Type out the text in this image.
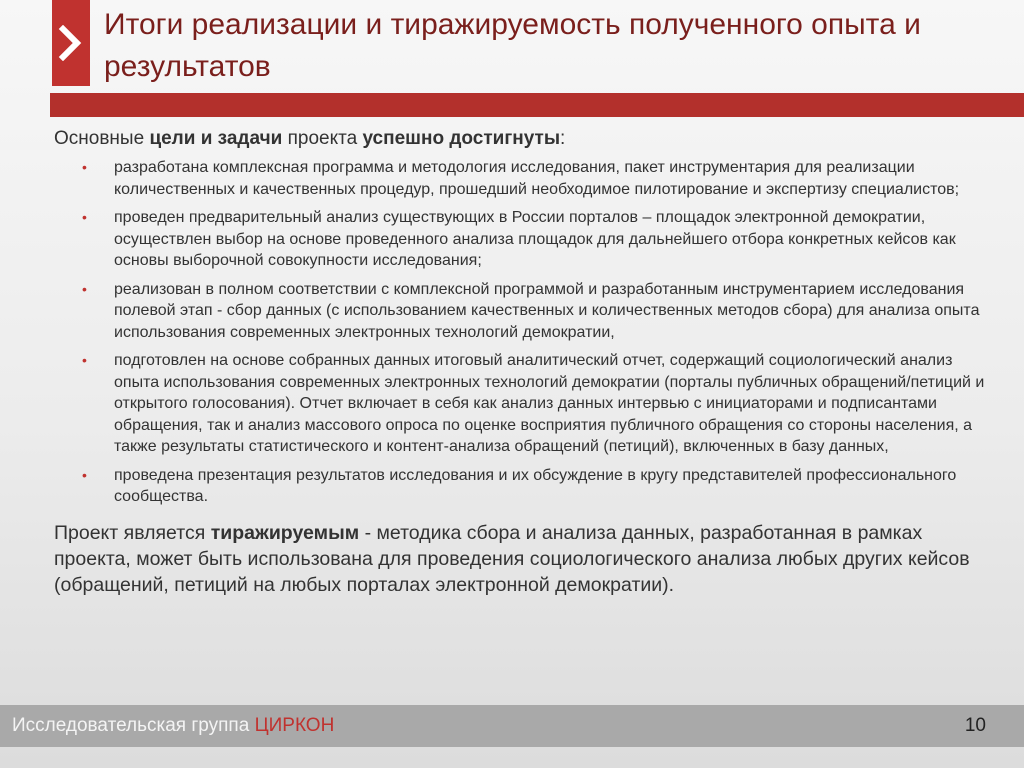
Итоги реализации и тиражируемость полученного опыта и результатов

Основные цели и задачи проекта успешно достигнуты:

• разработана комплексная программа и методология исследования, пакет инструментария для реализации количественных и качественных процедур, прошедший необходимое пилотирование и экспертизу специалистов;
• проведен предварительный анализ существующих в России порталов – площадок электронной демократии, осуществлен выбор на основе проведенного анализа площадок для дальнейшего отбора конкретных кейсов как основы выборочной совокупности исследования;
• реализован в полном соответствии с комплексной программой и разработанным инструментарием исследования полевой этап - сбор данных (с использованием качественных и количественных методов сбора) для анализа опыта использования современных электронных технологий демократии,
• подготовлен на основе собранных данных итоговый аналитический отчет, содержащий социологический анализ опыта использования современных электронных технологий демократии (порталы публичных обращений/петиций и открытого голосования). Отчет включает в себя как анализ данных интервью с инициаторами и подписантами обращения, так и анализ массового опроса по оценке восприятия публичного обращения со стороны населения, а также результаты статистического и контент-анализа обращений (петиций), включенных в базу данных,
• проведена презентация результатов исследования и их обсуждение в кругу представителей профессионального сообщества.

Проект является тиражируемым - методика сбора и анализа данных, разработанная в рамках проекта, может быть использована для проведения социологического анализа любых других кейсов (обращений, петиций на любых порталах электронной демократии).

Исследовательская группа ЦИРКОН	10
